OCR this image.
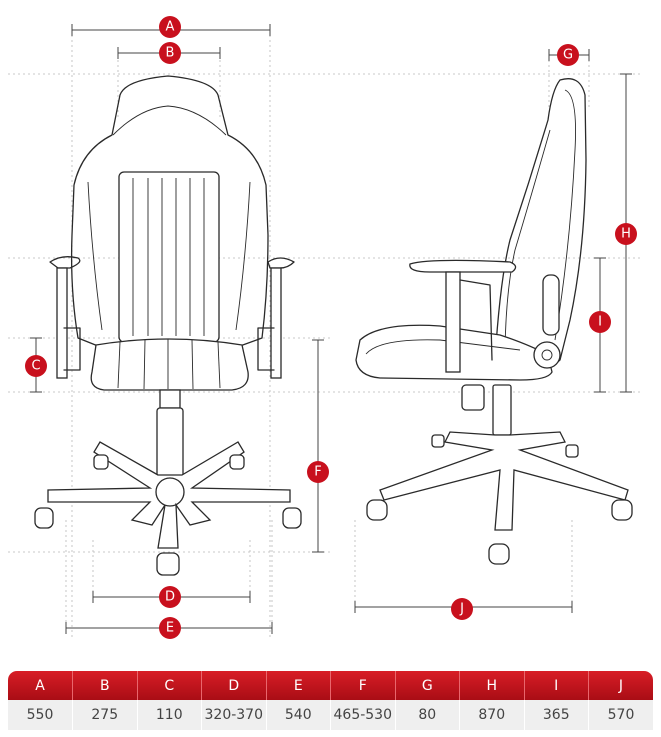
A
B
C
D
E
F
G
H
I
J
A	B	C	D	E	F	G	H	I	J
550	275	110	320-370	540	465-530	80	870	365	570
